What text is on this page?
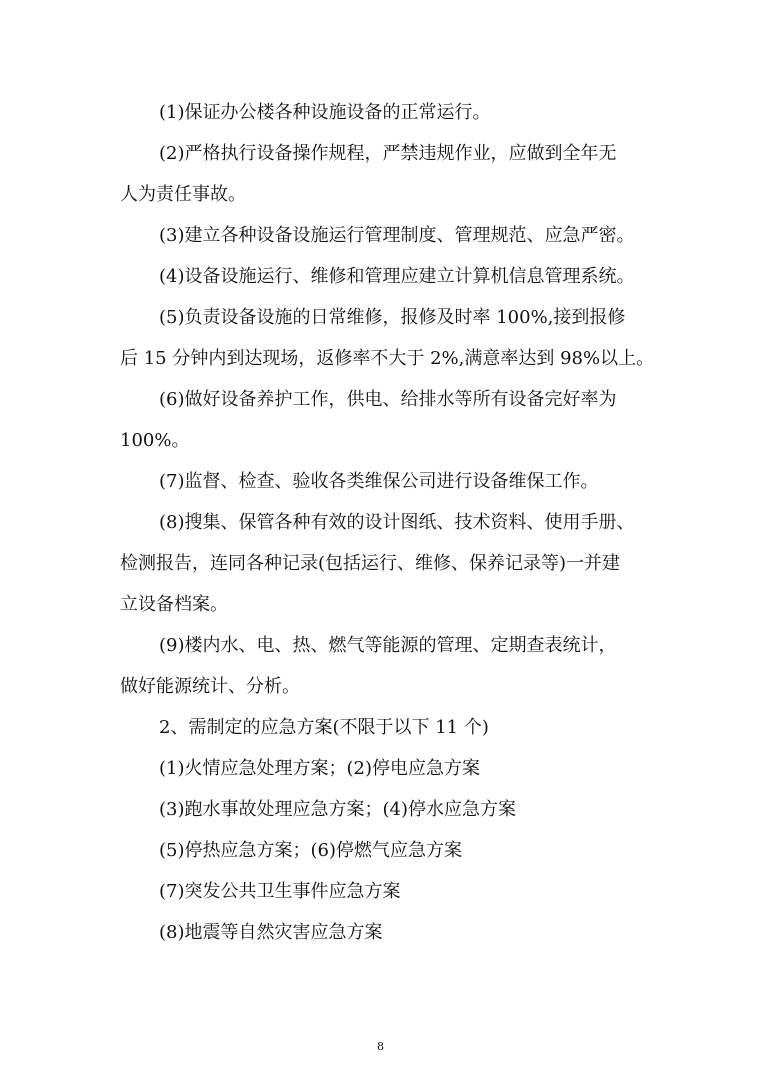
(1)保证办公楼各种设施设备的正常运行。
(2)严格执行设备操作规程，严禁违规作业，应做到全年无
人为责任事故。
(3)建立各种设备设施运行管理制度、管理规范、应急严密。
(4)设备设施运行、维修和管理应建立计算机信息管理系统。
(5)负责设备设施的日常维修，报修及时率 100%,接到报修
后 15 分钟内到达现场，返修率不大于 2%,满意率达到 98%以上。
(6)做好设备养护工作，供电、给排水等所有设备完好率为
100%。
(7)监督、检查、验收各类维保公司进行设备维保工作。
(8)搜集、保管各种有效的设计图纸、技术资料、使用手册、
检测报告，连同各种记录(包括运行、维修、保养记录等)一并建
立设备档案。
(9)楼内水、电、热、燃气等能源的管理、定期查表统计，
做好能源统计、分析。
2、需制定的应急方案(不限于以下 11 个)
(1)火情应急处理方案；(2)停电应急方案
(3)跑水事故处理应急方案；(4)停水应急方案
(5)停热应急方案；(6)停燃气应急方案
(7)突发公共卫生事件应急方案
(8)地震等自然灾害应急方案
8
